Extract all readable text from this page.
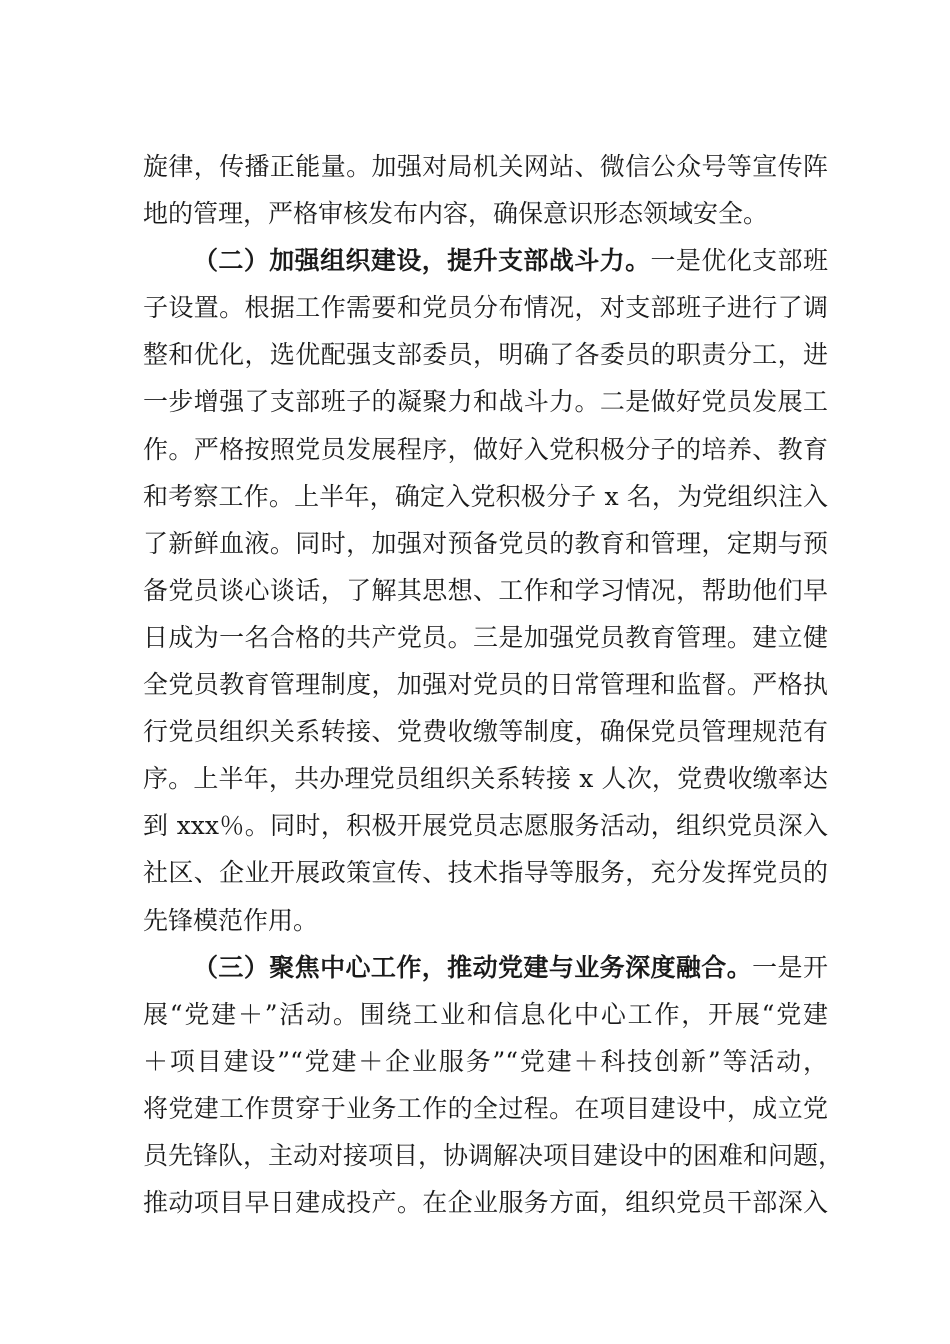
旋律，传播正能量。加强对局机关网站、微信公众号等宣传阵
地的管理，严格审核发布内容，确保意识形态领域安全。
（二）加强组织建设，提升支部战斗力。一是优化支部班
子设置。根据工作需要和党员分布情况，对支部班子进行了调
整和优化，选优配强支部委员，明确了各委员的职责分工，进
一步增强了支部班子的凝聚力和战斗力。二是做好党员发展工
作。严格按照党员发展程序，做好入党积极分子的培养、教育
和考察工作。上半年，确定入党积极分子 x 名，为党组织注入
了新鲜血液。同时，加强对预备党员的教育和管理，定期与预
备党员谈心谈话，了解其思想、工作和学习情况，帮助他们早
日成为一名合格的共产党员。三是加强党员教育管理。建立健
全党员教育管理制度，加强对党员的日常管理和监督。严格执
行党员组织关系转接、党费收缴等制度，确保党员管理规范有
序。上半年，共办理党员组织关系转接 x 人次，党费收缴率达
到 xxx％。同时，积极开展党员志愿服务活动，组织党员深入
社区、企业开展政策宣传、技术指导等服务，充分发挥党员的
先锋模范作用。
（三）聚焦中心工作，推动党建与业务深度融合。一是开
展“党建＋”活动。围绕工业和信息化中心工作，开展“党建
＋项目建设”“党建＋企业服务”“党建＋科技创新”等活动，
将党建工作贯穿于业务工作的全过程。在项目建设中，成立党
员先锋队，主动对接项目，协调解决项目建设中的困难和问题，
推动项目早日建成投产。在企业服务方面，组织党员干部深入
